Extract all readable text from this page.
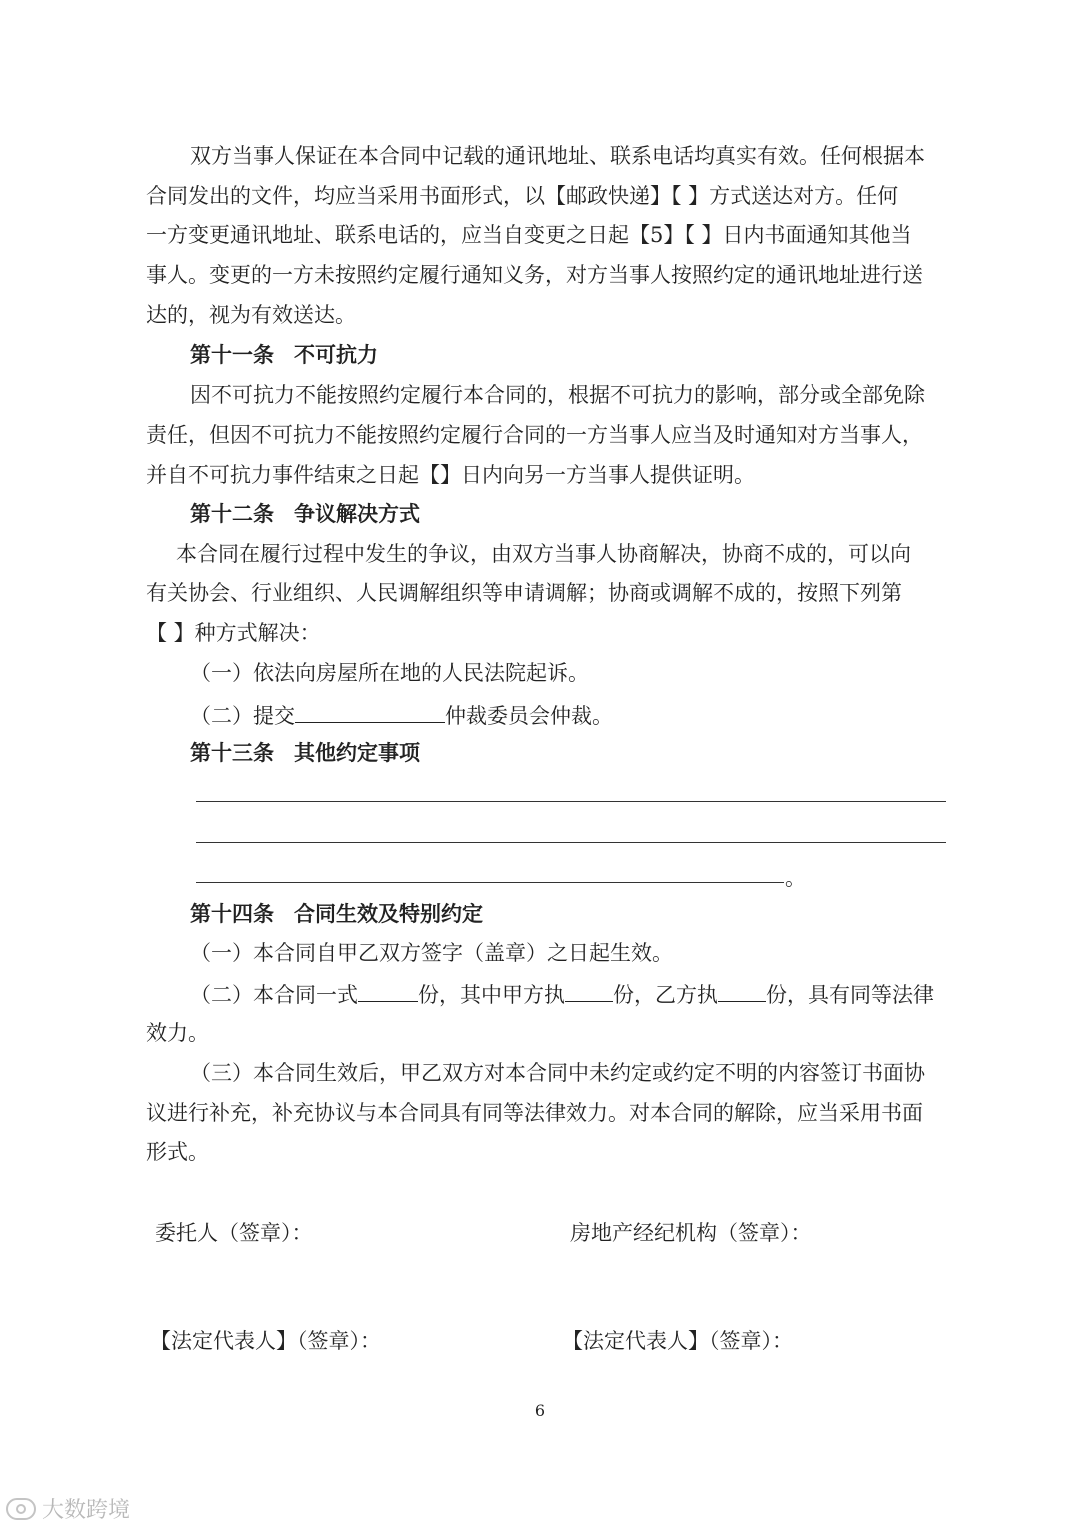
双方当事人保证在本合同中记载的通讯地址、联系电话均真实有效。任何根据本
合同发出的文件，均应当采用书面形式，以【邮政快递】【 】方式送达对方。任何
一方变更通讯地址、联系电话的，应当自变更之日起【5】【 】日内书面通知其他当
事人。变更的一方未按照约定履行通知义务，对方当事人按照约定的通讯地址进行送
达的，视为有效送达。
第十一条 不可抗力
因不可抗力不能按照约定履行本合同的，根据不可抗力的影响，部分或全部免除
责任，但因不可抗力不能按照约定履行合同的一方当事人应当及时通知对方当事人，
并自不可抗力事件结束之日起【】日内向另一方当事人提供证明。
第十二条 争议解决方式
本合同在履行过程中发生的争议，由双方当事人协商解决，协商不成的，可以向
有关协会、行业组织、人民调解组织等申请调解；协商或调解不成的，按照下列第
【 】种方式解决：
（一）依法向房屋所在地的人民法院起诉。
（二）提交	仲裁委员会仲裁。
第十三条 其他约定事项
。
第十四条 合同生效及特别约定
（一）本合同自甲乙双方签字（盖章）之日起生效。
（二）本合同一式	份，其中甲方执 份，乙方执 份，具有同等法律
效力。
（三）本合同生效后，甲乙双方对本合同中未约定或约定不明的内容签订书面协
议进行补充，补充协议与本合同具有同等法律效力。对本合同的解除，应当采用书面
形式。
委托人（签章）：	房地产经纪机构（签章）：
【法定代表人】（签章）：	【法定代表人】（签章）：
6
大数跨境
